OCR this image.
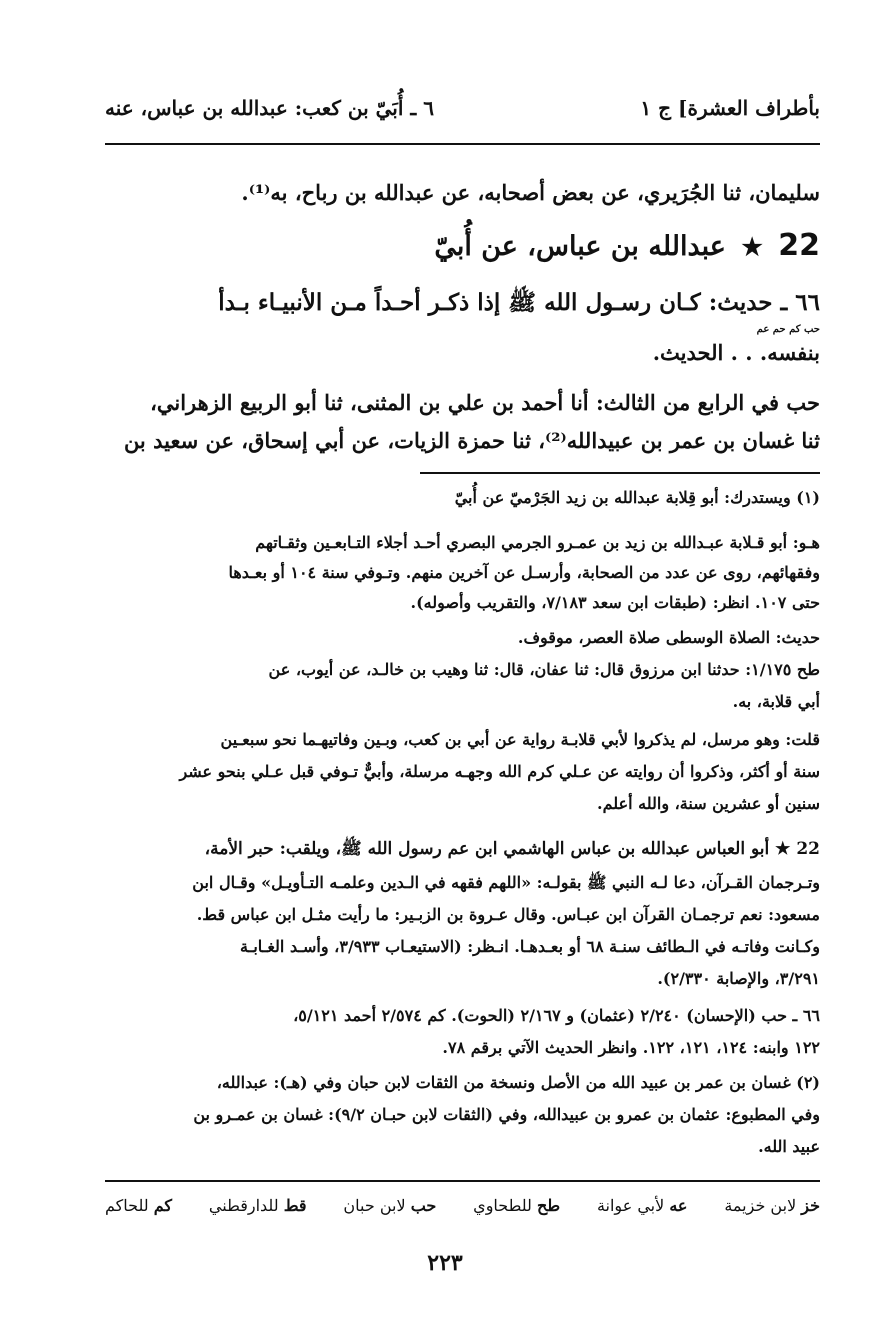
٦ ـ أُبَيّ بن كعب: عبدالله بن عباس، عنه	بأطراف العشرة] ج ١
سليمان، ثنا الجُرَيري، عن بعض أصحابه، عن عبدالله بن رباح، به⁽¹⁾.
22 ★ عبدالله بن عباس، عن أُبيّ
٦٦ ـ حديث: كـان رسـول الله ﷺ إذا ذكـر أحـداً مـن الأنبيـاء بـدأ
حب كم حم عم
بنفسه. . . الحديث.
حب في الرابع من الثالث: أنا أحمد بن علي بن المثنى، ثنا أبو الربيع الزهراني،
ثنا غسان بن عمر بن عبيدالله⁽²⁾، ثنا حمزة الزيات، عن أبي إسحاق، عن سعيد بن
(١) ويستدرك: أبو قِلابة عبدالله بن زيد الجَرْميّ عن أُبيّ
هـو: أبو قـلابة عبـدالله بن زيد بن عمـرو الجرمي البصري أحـد أجلاء التـابعـين وثقـاتهم
وفقهائهم، روى عن عدد من الصحابة، وأرسـل عن آخرين منهم. وتـوفي سنة ١٠٤ أو بعـدها
حتى ١٠٧. انظر: (طبقات ابن سعد ٧/١٨٣، والتقريب وأصوله).
حديث: الصلاة الوسطى صلاة العصر، موقوف.
طح ١/١٧٥: حدثنا ابن مرزوق قال: ثنا عفان، قال: ثنا وهيب بن خالـد، عن أيوب، عن
أبي قلابة، به.
قلت: وهو مرسل، لم يذكروا لأبي قلابـة رواية عن أبي بن كعب، وبـين وفاتيهـما نحو سبعـين
سنة أو أكثر، وذكروا أن روايته عن عـلي كرم الله وجهـه مرسلة، وأبيٌّ تـوفي قبل عـلي بنحو عشر
سنين أو عشرين سنة، والله أعلم.
22 ★ أبو العباس عبدالله بن عباس الهاشمي ابن عم رسول الله ﷺ، ويلقب: حبر الأمة،
وتـرجمان القـرآن، دعا لـه النبي ﷺ بقولـه: «اللهم فقهه في الـدين وعلمـه التـأويـل» وقـال ابن
مسعود: نعم ترجمـان القرآن ابن عبـاس. وقال عـروة بن الزبـير: ما رأيت مثـل ابن عباس قط.
وكـانت وفاتـه في الـطائف سنـة ٦٨ أو بعـدهـا. انـظر: (الاستيعـاب ٣/٩٣٣، وأسـد الغـابـة
٣/٢٩١، والإصابة ٢/٣٣٠).
٦٦ ـ حب (الإحسان) ٢/٢٤٠ (عثمان) و ٢/١٦٧ (الحوت). كم ٢/٥٧٤ أحمد ٥/١٢١،
١٢٢ وابنه: ١٢٤، ١٢١، ١٢٢. وانظر الحديث الآتي برقم ٧٨.
(٢) غسان بن عمر بن عبيد الله من الأصل ونسخة من الثقات لابن حبان وفي (هـ): عبدالله،
وفي المطبوع: عثمان بن عمرو بن عبيدالله، وفي (الثقات لابن حبـان ٩/٢): غسان بن عمـرو بن
عبيد الله.
خز لابن خزيمة
عه لأبي عوانة
طح للطحاوي
حب لابن حبان
قط للدارقطني
كم للحاكم
٢٢٣
